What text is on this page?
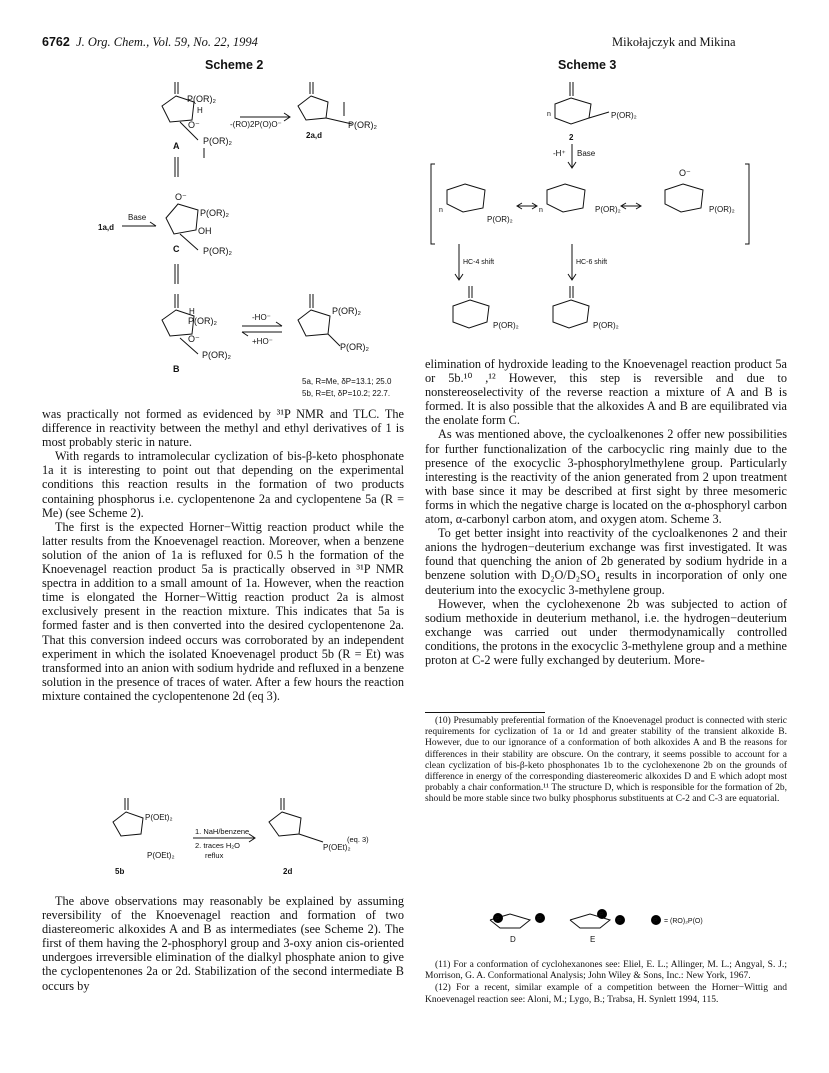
6762 J. Org. Chem., Vol. 59, No. 22, 1994	Mikołajczyk and Mikina
Scheme 2
P(OR)₂
H
O⁻
P(OR)₂
A
-(RO)2P(O)O⁻	P(OR)₂
2a,d
O⁻
P(OR)₂
OH
P(OR)₂
C
1a,d
Base
P(OR)₂
H
O⁻
P(OR)₂
B
-HO⁻
+HO⁻
P(OR)₂
P(OR)₂
5a, R=Me, δP=13.1; 25.0
5b, R=Et, δP=10.2; 22.7.
Scheme 3
P(OR)₂
n
2
-H⁺ Base
n
P(OR)₂
n	P(OR)₂
O⁻
P(OR)₂
HC-4 shift	HC-6 shift
P(OR)₂	P(OR)₂

was practically not formed as evidenced by ³¹P NMR and TLC. The difference in reactivity between the methyl and ethyl derivatives of 1 is most probably steric in nature.

With regards to intramolecular cyclization of bis-β-keto phosphonate 1a it is interesting to point out that depending on the experimental conditions this reaction results in the formation of two products containing phosphorus i.e. cyclopentenone 2a and cyclopentene 5a (R = Me) (see Scheme 2).

The first is the expected Horner−Wittig reaction product while the latter results from the Knoevenagel reaction. Moreover, when a benzene solution of the anion of 1a is refluxed for 0.5 h the formation of the Knoevenagel reaction product 5a is practically observed in ³¹P NMR spectra in addition to a small amount of 1a. However, when the reaction time is elongated the Horner−Wittig reaction product 2a is almost exclusively present in the reaction mixture. This indicates that 5a is formed faster and is then converted into the desired cyclopentenone 2a. That this conversion indeed occurs was corroborated by an independent experiment in which the isolated Knoevenagel product 5b (R = Et) was transformed into an anion with sodium hydride and refluxed in a benzene solution in the presence of traces of water. After a few hours the reaction mixture contained the cyclopentenone 2d (eq 3).

P(OEt)₂
P(OEt)₂
5b
1. NaH/benzene
2. traces H₂O
reflux
P(OEt)₂
2d
(eq. 3)

The above observations may reasonably be explained by assuming reversibility of the Knoevenagel reaction and formation of two diastereomeric alkoxides A and B as intermediates (see Scheme 2). The first of them having the 2-phosphoryl group and 3-oxy anion cis-oriented undergoes irreversible elimination of the dialkyl phosphate anion to give the cyclopentenones 2a or 2d. Stabilization of the second intermediate B occurs by

elimination of hydroxide leading to the Knoevenagel reaction product 5a or 5b.¹⁰ ,¹² However, this step is reversible and due to nonstereoselectivity of the reverse reaction a mixture of A and B is formed. It is also possible that the alkoxides A and B are equilibrated via the enolate form C.

As was mentioned above, the cycloalkenones 2 offer new possibilities for further functionalization of the carbocyclic ring mainly due to the presence of the exocyclic 3-phosphorylmethylene group. Particularly interesting is the reactivity of the anion generated from 2 upon treatment with base since it may be described at first sight by three mesomeric forms in which the negative charge is located on the α-phosphoryl carbon atom, α-carbonyl carbon atom, and oxygen atom. Scheme 3.

To get better insight into reactivity of the cycloalkenones 2 and their anions the hydrogen−deuterium exchange was first investigated. It was found that quenching the anion of 2b generated by sodium hydride in a benzene solution with D₂O/D₂SO₄ results in incorporation of only one deuterium into the exocyclic 3-methylene group.

However, when the cyclohexenone 2b was subjected to action of sodium methoxide in deuterium methanol, i.e. the hydrogen−deuterium exchange was carried out under thermodynamically controlled conditions, the protons in the exocyclic 3-methylene group and a methine proton at C-2 were fully exchanged by deuterium. More-

(10) Presumably preferential formation of the Knoevenagel product is connected with steric requirements for cyclization of 1a or 1d and greater stability of the transient alkoxide B. However, due to our ignorance of a conformation of both alkoxides A and B the reasons for differences in their stability are obscure. On the contrary, it seems possible to account for a clean cyclization of bis-β-keto phosphonates 1b to the cyclohexenone 2b on the grounds of difference in energy of the corresponding diastereomeric alkoxides D and E which adopt most probably a chair conformation.¹¹ The structure D, which is responsible for the formation of 2b, should be more stable since two bulky phosphorus substituents at C-2 and C-3 are equatorial.

P
P
D
P
P
E
P = (RO)₂P(O)

(11) For a conformation of cyclohexanones see: Eliel, E. L.; Allinger, M. L.; Angyal, S. J.; Morrison, G. A. Conformational Analysis; John Wiley & Sons, Inc.: New York, 1967.

(12) For a recent, similar example of a competition between the Horner−Wittig and Knoevenagel reaction see: Aloni, M.; Lygo, B.; Trabsa, H. Synlett 1994, 115.
